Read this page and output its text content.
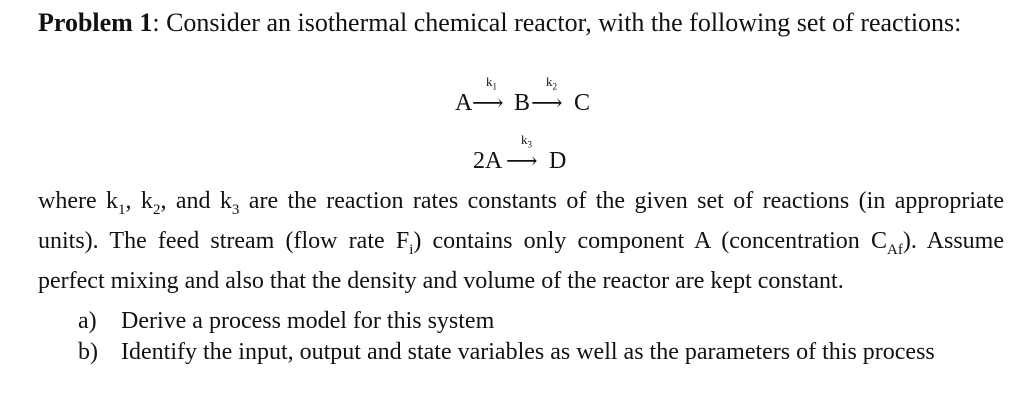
Problem 1: Consider an isothermal chemical reactor, with the following set of reactions:
A ⟶
$k_1$
B ⟶
$k_2$
C
2A ⟶
$k_3$
D
where $k_1$, $k_2$, and $k_3$ are the reaction rates constants of the given set of reactions (in appropriate units). The feed stream (flow rate $F_i$) contains only component A (concentration $C_{Af}$). Assume perfect mixing and also that the density and volume of the reactor are kept constant.
a) Derive a process model for this system
b) Identify the input, output and state variables as well as the parameters of this process
